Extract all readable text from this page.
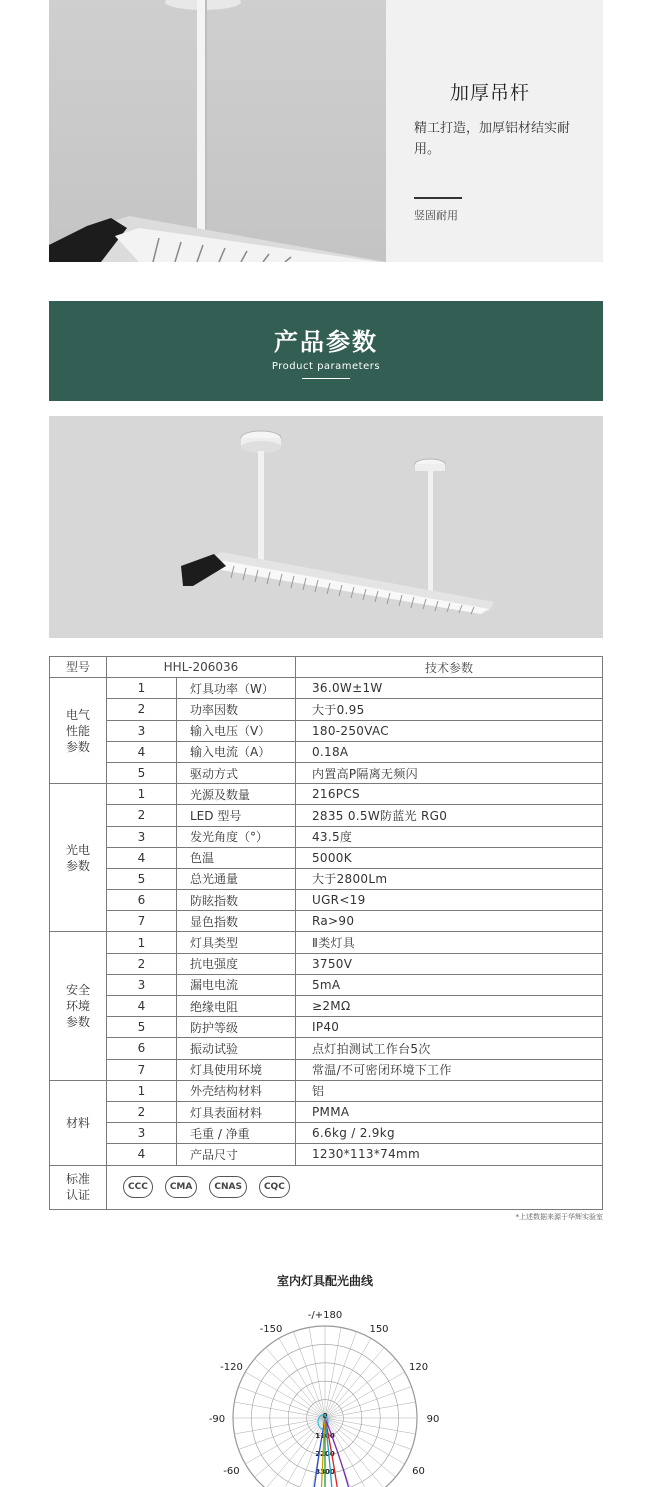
加厚吊杆
精工打造，加厚铝材结实耐用。
竖固耐用
产品参数
Product parameters
型号	HHL-206036		技术参数
电气
性能
参数	1	灯具功率（W）	36.0W±1W
	2	功率因数	大于0.95
	3	输入电压（V）	180-250VAC
	4	输入电流（A）	0.18A
	5	驱动方式	内置高P隔离无频闪
光电
参数	1	光源及数量	216PCS
	2	LED 型号	2835 0.5W防蓝光 RG0
	3	发光角度（°）	43.5度
	4	色温	5000K
	5	总光通量	大于2800Lm
	6	防眩指数	UGR<19
	7	显色指数	Ra>90
安全
环境
参数	1	灯具类型	Ⅱ类灯具
	2	抗电强度	3750V
	3	漏电电流	5mA
	4	绝缘电阻	≥2MΩ
	5	防护等级	IP40
	6	振动试验	点灯拍测试工作台5次
	7	灯具使用环境	常温/不可密闭环境下工作
材料	1	外壳结构材料	铝
	2	灯具表面材料	PMMA
	3	毛重 / 净重	6.6kg / 2.9kg
	4	产品尺寸	1230*113*74mm
标准
认证	CCC CMA CNAS CQC		
*上述数据来源于华辉实验室
室内灯具配光曲线
-/+180
-150	150
-120	120
-90	90
-60	60
0
1100
2200
3300
